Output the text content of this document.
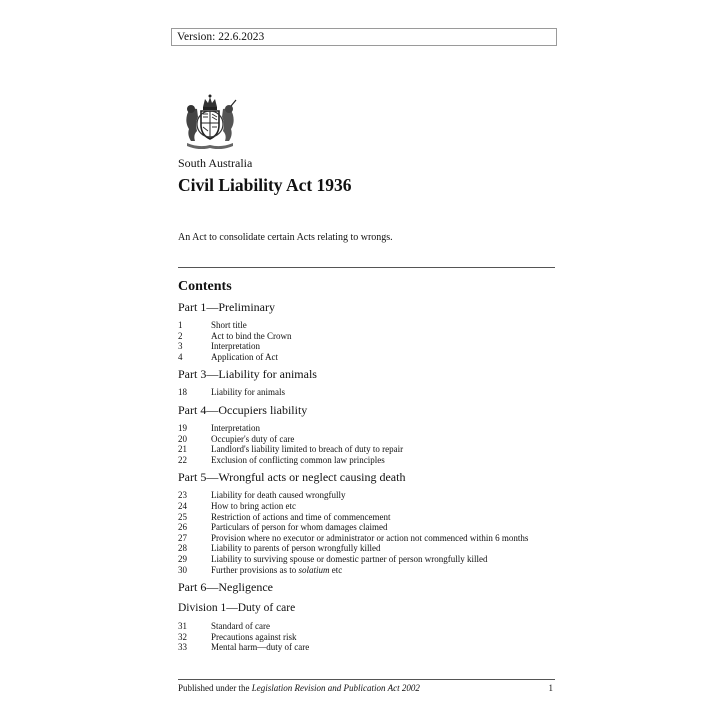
Version: 22.6.2023
South Australia
Civil Liability Act 1936
An Act to consolidate certain Acts relating to wrongs.
Contents

Part 1—Preliminary

1	Short title
2	Act to bind the Crown
3	Interpretation
4	Application of Act

Part 3—Liability for animals

18	Liability for animals

Part 4—Occupiers liability

19	Interpretation
20	Occupier's duty of care
21	Landlord's liability limited to breach of duty to repair
22	Exclusion of conflicting common law principles

Part 5—Wrongful acts or neglect causing death

23	Liability for death caused wrongfully
24	How to bring action etc
25	Restriction of actions and time of commencement
26	Particulars of person for whom damages claimed
27	Provision where no executor or administrator or action not commenced within 6 months
28	Liability to parents of person wrongfully killed
29	Liability to surviving spouse or domestic partner of person wrongfully killed
30	Further provisions as to solatium etc

Part 6—Negligence

Division 1—Duty of care

31	Standard of care
32	Precautions against risk
33	Mental harm—duty of care
Published under the Legislation Revision and Publication Act 2002	1
